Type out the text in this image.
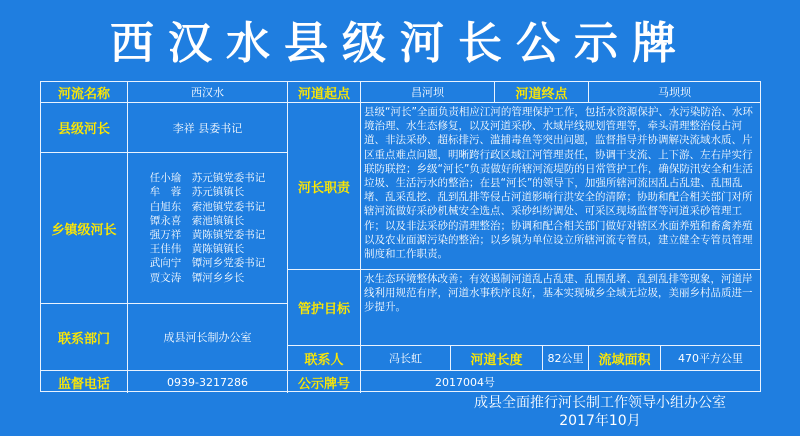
西汉水县级河长公示牌
河流名称	西汉水	河道起点	昌河坝	河道终点	马坝坝
县级河长	李祥 县委书记
河长职责
县级“河长”全面负责相应江河的管理保护工作，包括水资源保护、水污染防治、水环境治理、水生态修复，以及河道采砂、水域岸线规划管理等，牵头清理整治侵占河道、非法采砂、超标排污、滥捕毒鱼等突出问题，监督指导并协调解决流域水质、片区重点难点问题，明晰跨行政区域江河管理责任，协调干支流、上下游、左右岸实行联防联控；乡级“河长”负责做好所辖河流堤防的日常管护工作，确保防汛安全和生活垃圾、生活污水的整治；在县“河长”的领导下，加强所辖河流因乱占乱建、乱围乱堵、乱采乱挖、乱到乱排等侵占河道影响行洪安全的清障；协助和配合相关部门对所辖河流做好采砂机械安全选点、采砂纠纷调处、可采区现场监督等河道采砂管理工作；以及非法采砂的清理整治；协调和配合相关部门做好对辖区水面养殖和畜禽养殖以及农业面源污染的整治；以乡镇为单位设立所辖河流专管员，建立健全专管员管理制度和工作职责。
乡镇级河长
任小瑜	苏元镇党委书记
牟　蓉	苏元镇镇长
白旭东	索池镇党委书记
镡永喜	索池镇镇长
强万祥	黄陈镇党委书记
王佳伟	黄陈镇镇长
武向宁	镡河乡党委书记
贾文涛	镡河乡乡长
管护目标
水生态环境整体改善；有效遏制河道乱占乱建、乱围乱堵、乱到乱排等现象，河道岸线利用规范有序，河道水事秩序良好，基本实现城乡全域无垃圾，美丽乡村品质进一步提升。
联系部门	成县河长制办公室
联系人	冯长虹	河道长度	82公里	流域面积	470平方公里
监督电话	0939-3217286	公示牌号	2017004号
成县全面推行河长制工作领导小组办公室
2017年10月
